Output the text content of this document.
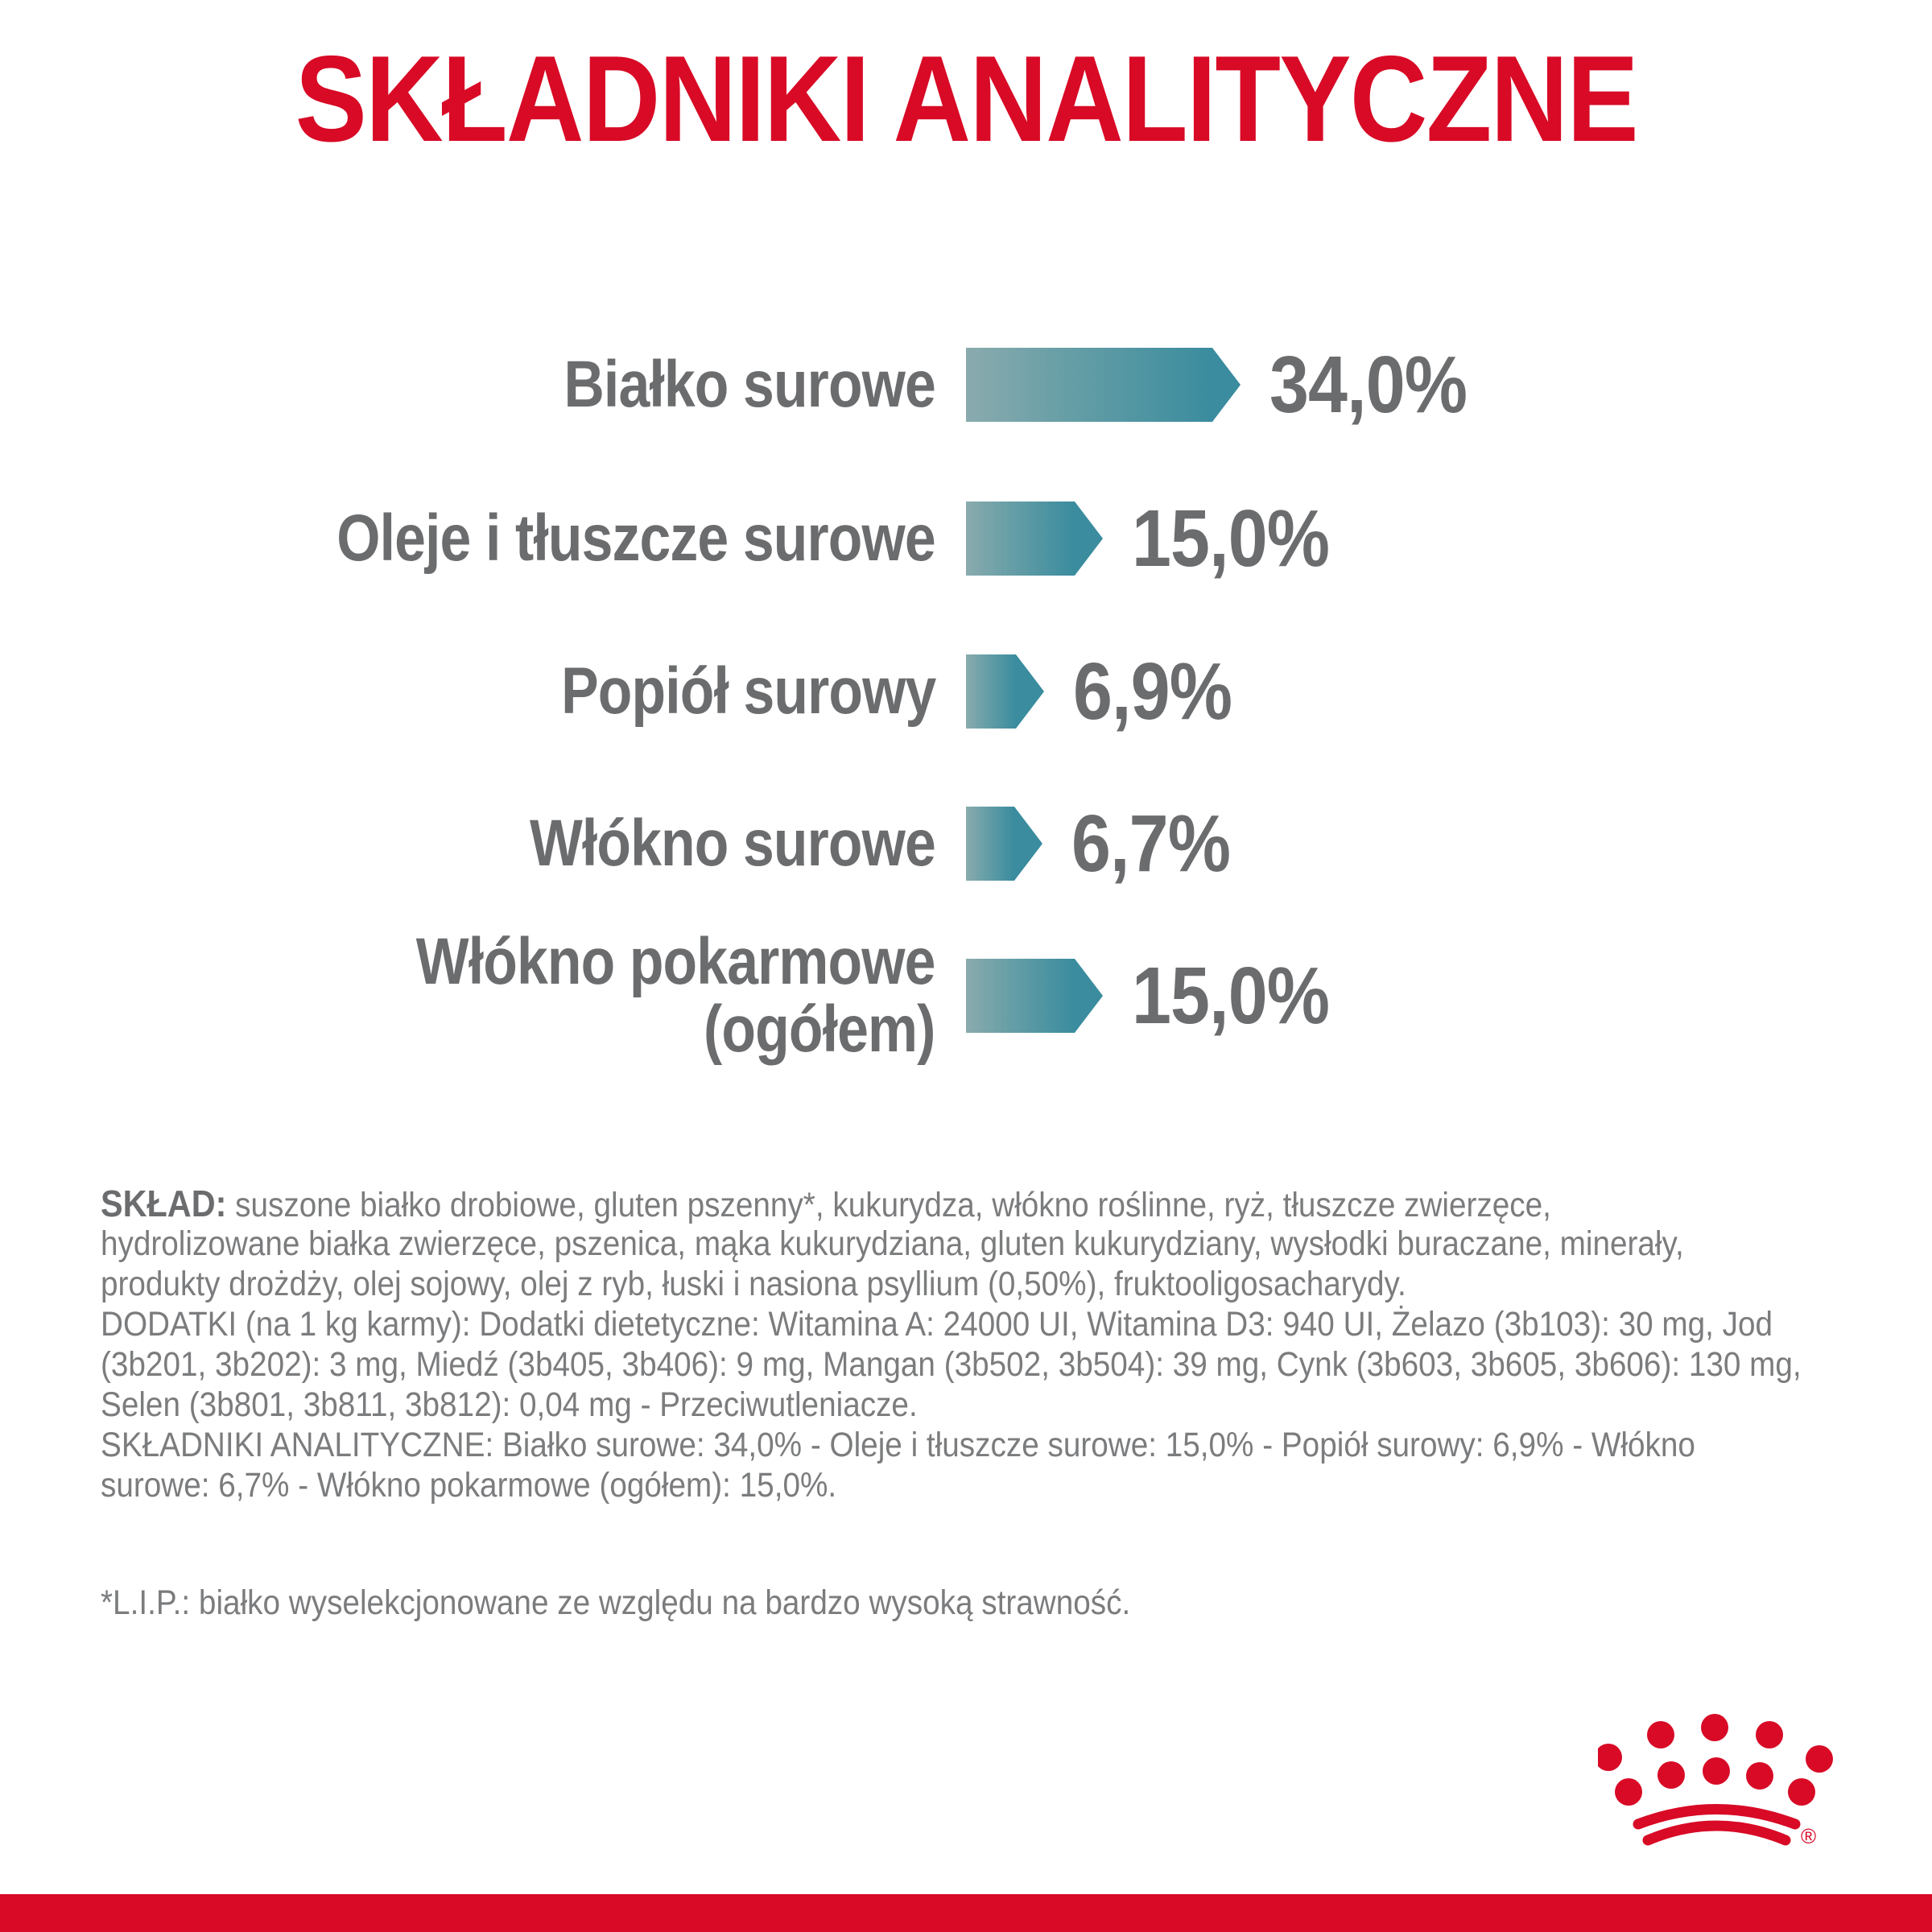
SKŁADNIKI ANALITYCZNE
Białko surowe	34,0%
Oleje i tłuszcze surowe 15,0%
Popiół surowy 6,9%
Włókno surowe 6,7%
Włókno pokarmowe
(ogółem) 15,0%
SKŁAD: suszone białko drobiowe, gluten pszenny*, kukurydza, włókno roślinne, ryż, tłuszcze zwierzęce,
hydrolizowane białka zwierzęce, pszenica, mąka kukurydziana, gluten kukurydziany, wysłodki buraczane, minerały,
produkty drożdży, olej sojowy, olej z ryb, łuski i nasiona psyllium (0,50%), fruktooligosacharydy.
DODATKI (na 1 kg karmy): Dodatki dietetyczne: Witamina A: 24000 UI, Witamina D3: 940 UI, Żelazo (3b103): 30 mg, Jod
(3b201, 3b202): 3 mg, Miedź (3b405, 3b406): 9 mg, Mangan (3b502, 3b504): 39 mg, Cynk (3b603, 3b605, 3b606): 130 mg,
Selen (3b801, 3b811, 3b812): 0,04 mg - Przeciwutleniacze.
SKŁADNIKI ANALITYCZNE: Białko surowe: 34,0% - Oleje i tłuszcze surowe: 15,0% - Popiół surowy: 6,9% - Włókno
surowe: 6,7% - Włókno pokarmowe (ogółem): 15,0%.
*L.I.P.: białko wyselekcjonowane ze względu na bardzo wysoką strawność.
®
